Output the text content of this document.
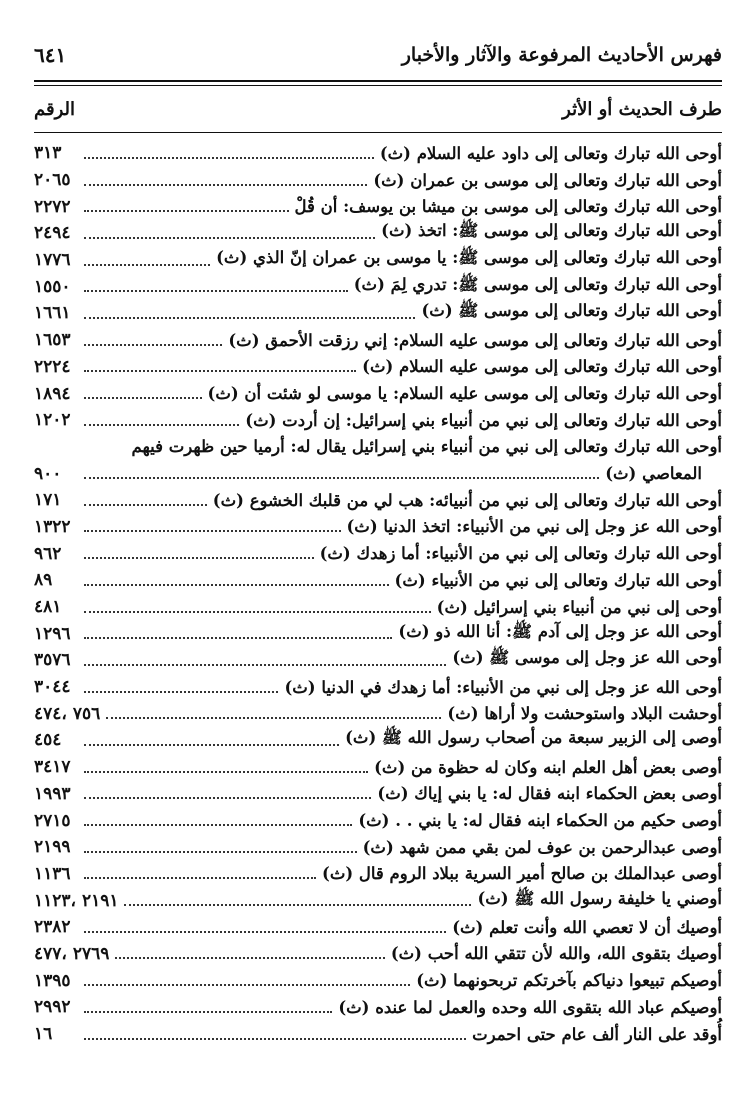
فهرس الأحاديث المرفوعة والآثار والأخبار
٦٤١
طرف الحديث أو الأثر
الرقم
أوحى الله تبارك وتعالى إلى داود عليه السلام (ث)
٣١٣
أوحى الله تبارك وتعالى إلى موسى بن عمران (ث)
٢٠٦٥
أوحى الله تبارك وتعالى إلى موسى بن ميشا بن يوسف: أن قُلْ
٢٢٧٢
أوحى الله تبارك وتعالى إلى موسى ﷺ: اتخذ (ث)
٢٤٩٤
أوحى الله تبارك وتعالى إلى موسى ﷺ: يا موسى بن عمران إنّ الذي (ث)
١٧٧٦
أوحى الله تبارك وتعالى إلى موسى ﷺ: تدري لِمَ (ث)
١٥٥٠
أوحى الله تبارك وتعالى إلى موسى ﷺ (ث)
١٦٦١
أوحى الله تبارك وتعالى إلى موسى عليه السلام: إني رزقت الأحمق (ث)
١٦٥٣
أوحى الله تبارك وتعالى إلى موسى عليه السلام (ث)
٢٢٢٤
أوحى الله تبارك وتعالى إلى موسى عليه السلام: يا موسى لو شئت أن (ث)
١٨٩٤
أوحى الله تبارك وتعالى إلى نبي من أنبياء بني إسرائيل: إن أردت (ث)
١٢٠٢
أوحى الله تبارك وتعالى إلى نبي من أنبياء بني إسرائيل يقال له: أرميا حين ظهرت فيهم
المعاصي (ث)
٩٠٠
أوحى الله تبارك وتعالى إلى نبي من أنبيائه: هب لي من قلبك الخشوع (ث)
١٧١
أوحى الله عز وجل إلى نبي من الأنبياء: اتخذ الدنيا (ث)
١٣٢٢
أوحى الله تبارك وتعالى إلى نبي من الأنبياء: أما زهدك (ث)
٩٦٢
أوحى الله تبارك وتعالى إلى نبي من الأنبياء (ث)
٨٩
أوحى إلى نبي من أنبياء بني إسرائيل (ث)
٤٨١
أوحى الله عز وجل إلى آدم ﷺ: أنا الله ذو (ث)
١٢٩٦
أوحى الله عز وجل إلى موسى ﷺ (ث)
٣٥٧٦
أوحى الله عز وجل إلى نبي من الأنبياء: أما زهدك في الدنيا (ث)
٣٠٤٤
أوحشت البلاد واستوحشت ولا أراها (ث)
٧٥٦ ،٤٧٤
أوصى إلى الزبير سبعة من أصحاب رسول الله ﷺ (ث)
٤٥٤
أوصى بعض أهل العلم ابنه وكان له حظوة من (ث)
٣٤١٧
أوصى بعض الحكماء ابنه فقال له: يا بني إياك (ث)
١٩٩٣
أوصى حكيم من الحكماء ابنه فقال له: يا بني . . (ث)
٢٧١٥
أوصى عبدالرحمن بن عوف لمن بقي ممن شهد (ث)
٢١٩٩
أوصى عبدالملك بن صالح أمير السرية ببلاد الروم قال (ث)
١١٣٦
أوصني يا خليفة رسول الله ﷺ (ث)
٢١٩١ ،١١٢٣
أوصيك أن لا تعصي الله وأنت تعلم (ث)
٢٣٨٢
أوصيك بتقوى الله، والله لأن تتقي الله أحب (ث)
٢٧٦٩ ،٤٧٧
أوصيكم تبيعوا دنياكم بآخرتكم تربحونهما (ث)
١٣٩٥
أوصيكم عباد الله بتقوى الله وحده والعمل لما عنده (ث)
٢٩٩٢
أُوقد على النار ألف عام حتى احمرت
١٦
